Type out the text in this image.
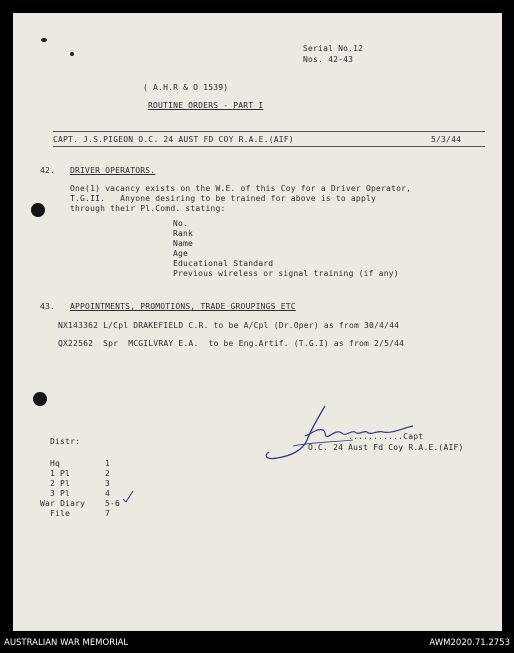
Serial No.12
Nos. 42-43
( A.H.R & O 1539)
ROUTINE ORDERS - PART I
CAPT. J.S.PIGEON O.C. 24 AUST FD COY R.A.E.(AIF)	5/3/44
42. DRIVER OPERATORS.
One(1) vacancy exists on the W.E. of this Coy for a Driver Operator,
T.G.II.   Anyone desiring to be trained for above is to apply
through their Pl.Comd. stating:
No.
Rank
Name
Age
Educational Standard
Previous wireless or signal training (if any)
43. APPOINTMENTS, PROMOTIONS, TRADE GROUPINGS ETC
NX143362 L/Cpl DRAKEFIELD C.R. to be A/Cpl (Dr.Oper) as from 30/4/44
QX22562  Spr  MCGILVRAY E.A.  to be Eng.Artif. (T.G.I) as from 2/5/44
...........Capt
O.C. 24 Aust Fd Coy R.A.E.(AIF)
Distr:
Hq	1
1 Pl	2
2 Pl	3
3 Pl	4
War Diary 5-6
File	7
AUSTRALIAN WAR MEMORIAL	AWM2020.71.2753
